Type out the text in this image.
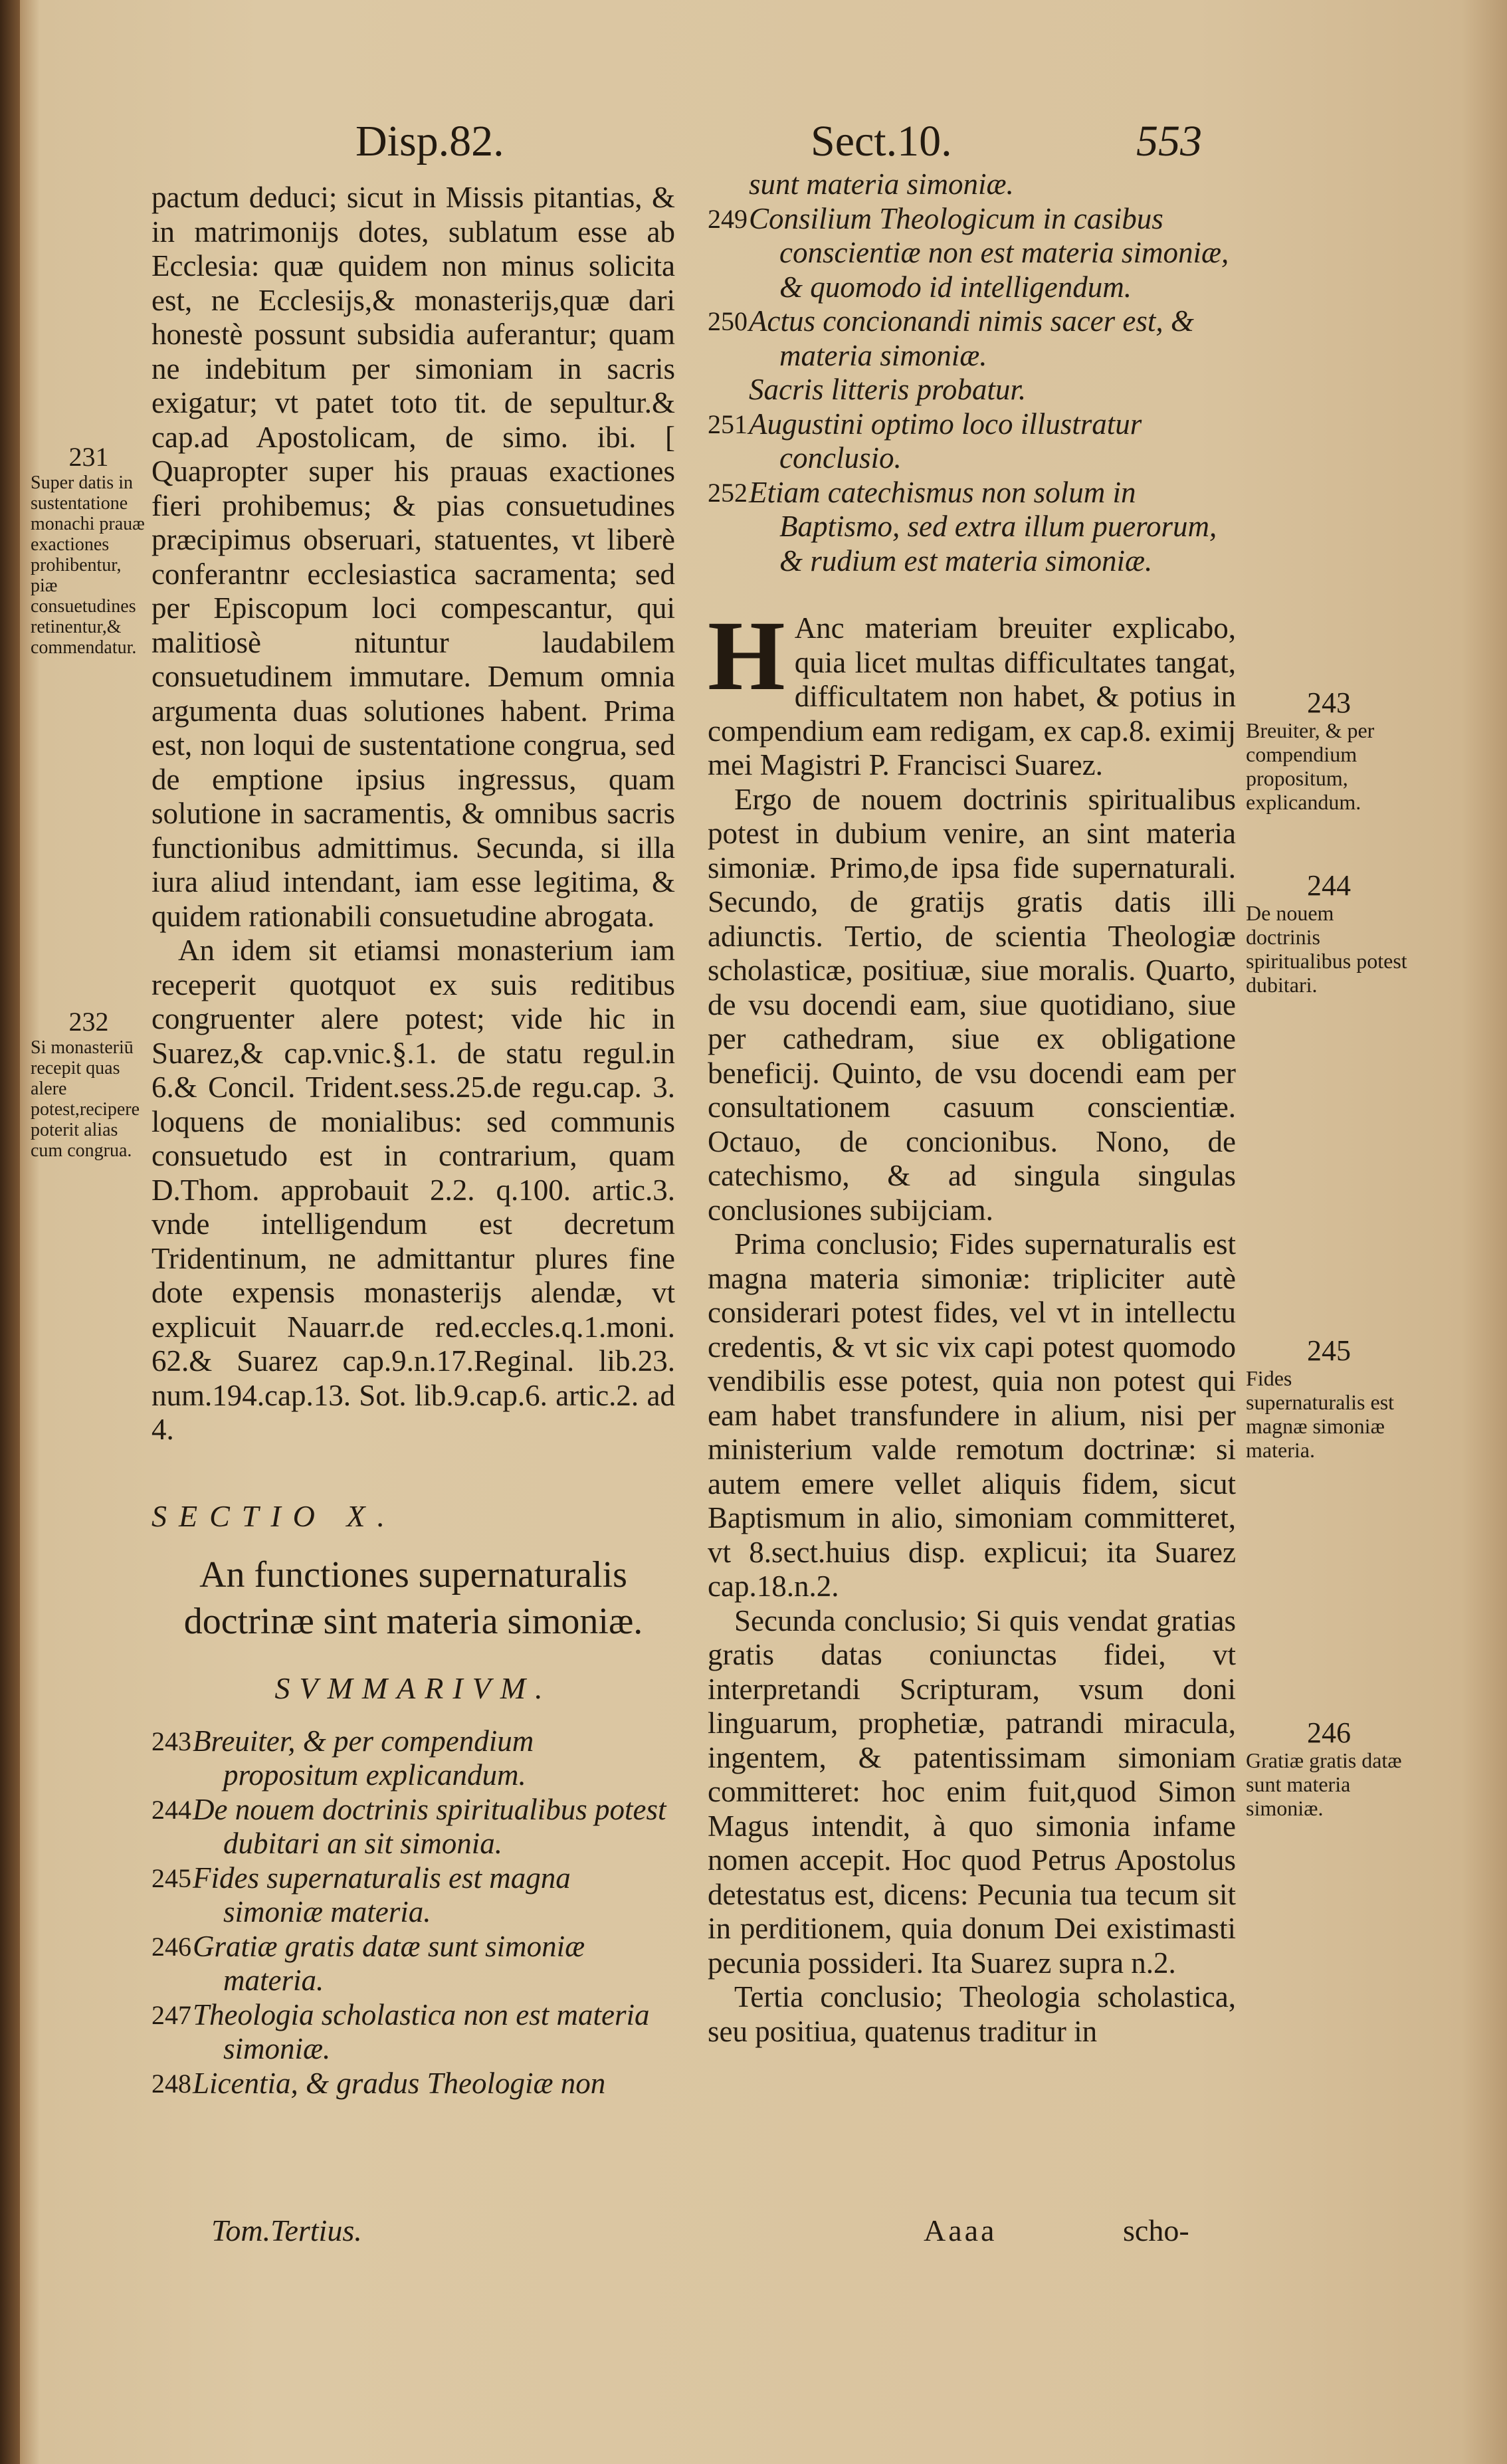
Disp.82.	Sect.10.	553
231
Super datis in sustentatione monachi prauæ exactiones prohibentur, piæ consuetudines retinentur,& commendatur.
232
Si monasteriū recepit quas alere potest,recipere poterit alias cum congrua.

pactum deduci; sicut in Missis pitantias, & in matrimonijs dotes, sublatum esse ab Ecclesia: quæ quidem non minus solicita est, ne Ecclesijs,& monasterijs,quæ dari honestè possunt subsidia auferantur; quam ne indebitum per simoniam in sacris exigatur; vt patet toto tit. de sepultur.& cap.ad Apostolicam, de simo. ibi. [ Quapropter super his prauas exactiones fieri prohibemus; & pias consuetudines præcipimus obseruari, statuentes, vt liberè conferantnr ecclesiastica sacramenta; sed per Episcopum loci compescantur, qui malitiosè nituntur laudabilem consuetudinem immutare. Demum omnia argumenta duas solutiones habent. Prima est, non loqui de sustentatione congrua, sed de emptione ipsius ingressus, quam solutione in sacramentis, & omnibus sacris functionibus admittimus. Secunda, si illa iura aliud intendant, iam esse legitima, & quidem rationabili consuetudine abrogata.

An idem sit etiamsi monasterium iam receperit quotquot ex suis reditibus congruenter alere potest; vide hic in Suarez,& cap.vnic.§.1. de statu regul.in 6.& Concil. Trident.sess.25.de regu.cap. 3. loquens de monialibus: sed communis consuetudo est in contrarium, quam D.Thom. approbauit 2.2. q.100. artic.3. vnde intelligendum est decretum Tridentinum, ne admittantur plures fine dote expensis monasterijs alendæ, vt explicuit Nauarr.de red.eccles.q.1.moni. 62.& Suarez cap.9.n.17.Reginal. lib.23. num.194.cap.13. Sot. lib.9.cap.6. artic.2. ad 4.

SECTIO X.

An functiones supernaturalis doctrinæ sint materia simoniæ.

SVMMARIVM.

243 Breuiter, & per compendium propositum explicandum.
244 De nouem doctrinis spiritualibus potest dubitari an sit simonia.
245 Fides supernaturalis est magna simoniæ materia.
246 Gratiæ gratis datæ sunt simoniæ materia.
247 Theologia scholastica non est materia simoniæ.
248 Licentia, & gradus Theologiæ non
Tom.Tertius.
sunt materia simoniæ.
249 Consilium Theologicum in casibus conscientiæ non est materia simoniæ, & quomodo id intelligendum.
250 Actus concionandi nimis sacer est, & materia simoniæ.
Sacris litteris probatur.
251 Augustini optimo loco illustratur conclusio.
252 Etiam catechismus non solum in Baptismo, sed extra illum puerorum, & rudium est materia simoniæ.

H Anc materiam breuiter explicabo, quia licet multas difficultates tangat, difficultatem non habet, & potius in compendium eam redigam, ex cap.8. eximij mei Magistri P. Francisci Suarez.

Ergo de nouem doctrinis spiritualibus potest in dubium venire, an sint materia simoniæ. Primo,de ipsa fide supernaturali. Secundo, de gratijs gratis datis illi adiunctis. Tertio, de scientia Theologiæ scholasticæ, positiuæ, siue moralis. Quarto, de vsu docendi eam, siue quotidiano, siue per cathedram, siue ex obligatione beneficij. Quinto, de vsu docendi eam per consultationem casuum conscientiæ. Octauo, de concionibus. Nono, de catechismo, & ad singula singulas conclusiones subijciam.

Prima conclusio; Fides supernaturalis est magna materia simoniæ: tripliciter autè considerari potest fides, vel vt in intellectu credentis, & vt sic vix capi potest quomodo vendibilis esse potest, quia non potest qui eam habet transfundere in alium, nisi per ministerium valde remotum doctrinæ: si autem emere vellet aliquis fidem, sicut Baptismum in alio, simoniam committeret, vt 8.sect.huius disp. explicui; ita Suarez cap.18.n.2.

Secunda conclusio; Si quis vendat gratias gratis datas coniunctas fidei, vt interpretandi Scripturam, vsum doni linguarum, prophetiæ, patrandi miracula, ingentem, & patentissimam simoniam committeret: hoc enim fuit,quod Simon Magus intendit, à quo simonia infame nomen accepit. Hoc quod Petrus Apostolus detestatus est, dicens: Pecunia tua tecum sit in perditionem, quia donum Dei existimasti pecunia possideri. Ita Suarez supra n.2.

Tertia conclusio; Theologia scholastica, seu positiua, quatenus traditur in

Aaaa	scho-
243
Breuiter, & per compendium propositum, explicandum.
244
De nouem doctrinis spiritualibus potest dubitari.
245
Fides supernaturalis est magnæ simoniæ materia.
246
Gratiæ gratis datæ sunt materia simoniæ.
